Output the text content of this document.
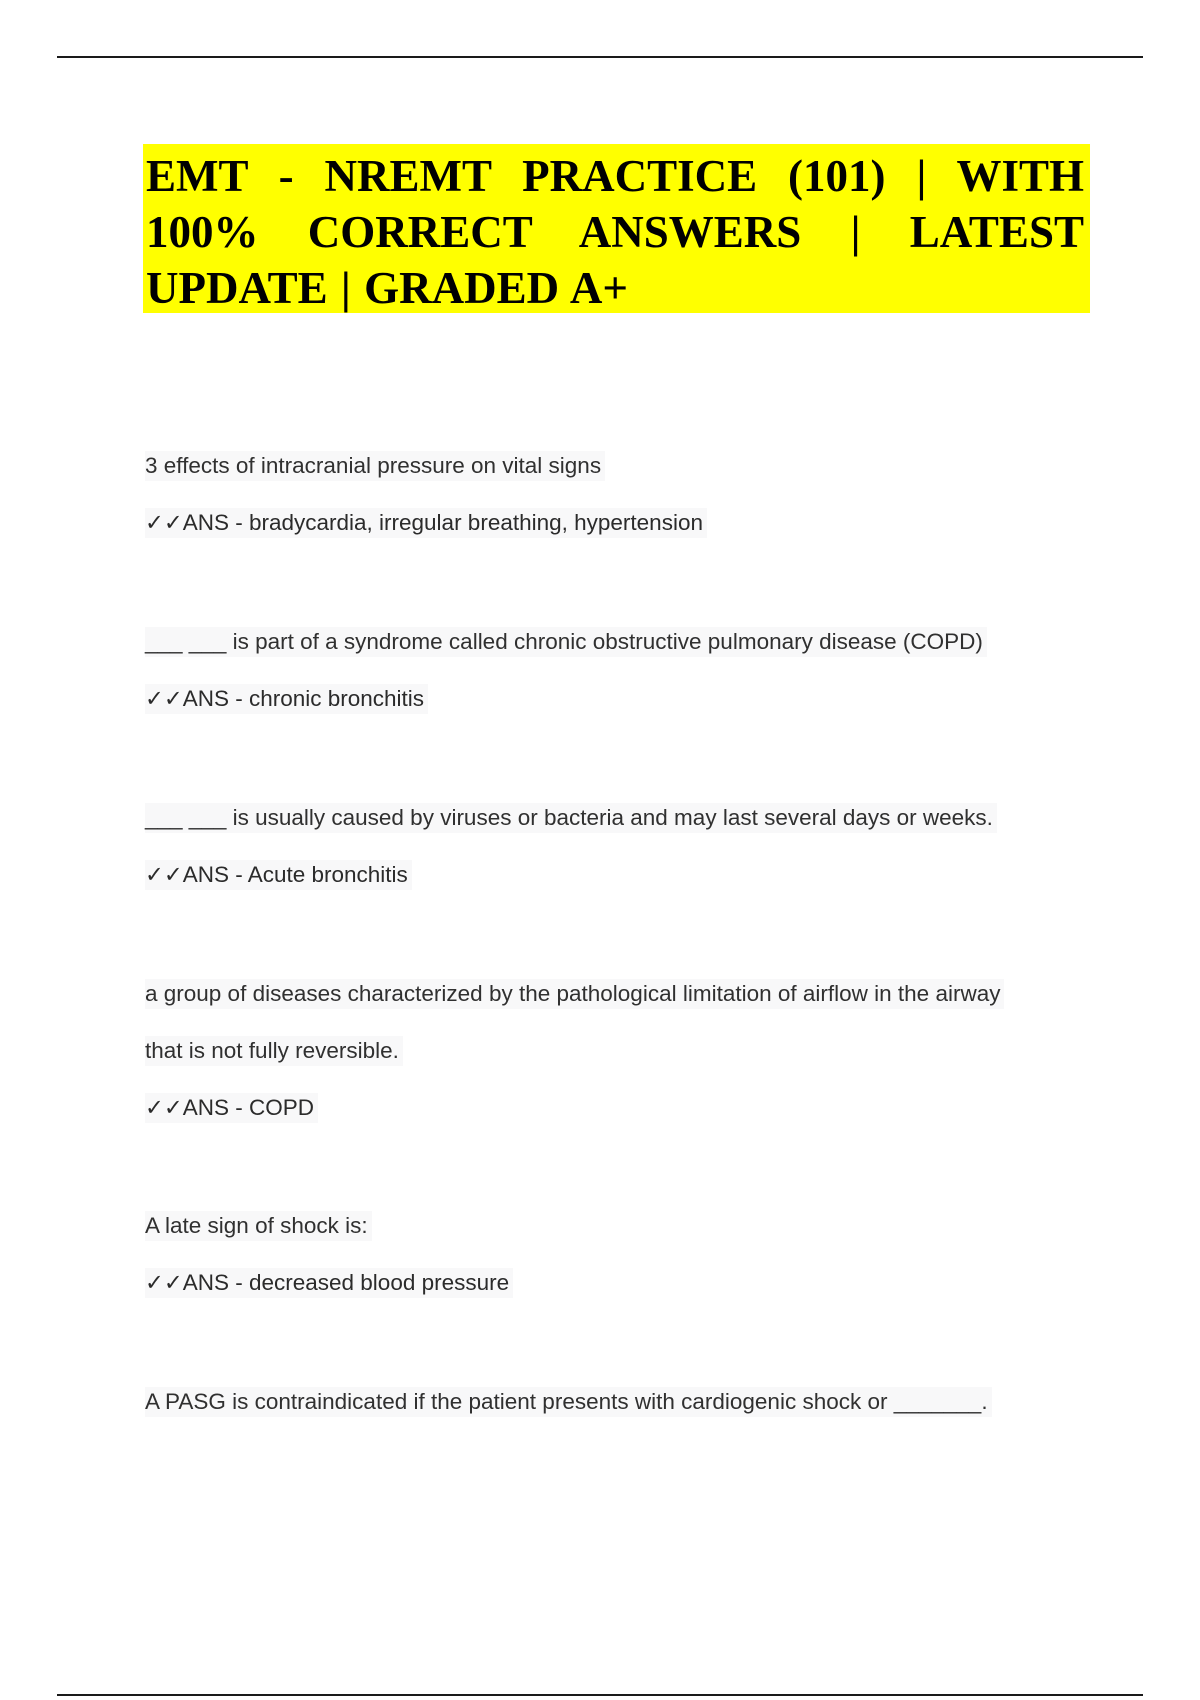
EMT - NREMT PRACTICE (101) | WITH 100% CORRECT ANSWERS | LATEST UPDATE | GRADED A+
3 effects of intracranial pressure on vital signs
✓✓ANS - bradycardia, irregular breathing, hypertension
___ ___ is part of a syndrome called chronic obstructive pulmonary disease (COPD)
✓✓ANS - chronic bronchitis
___ ___ is usually caused by viruses or bacteria and may last several days or weeks.
✓✓ANS - Acute bronchitis
a group of diseases characterized by the pathological limitation of airflow in the airway
that is not fully reversible.
✓✓ANS - COPD
A late sign of shock is:
✓✓ANS - decreased blood pressure
A PASG is contraindicated if the patient presents with cardiogenic shock or _______.
